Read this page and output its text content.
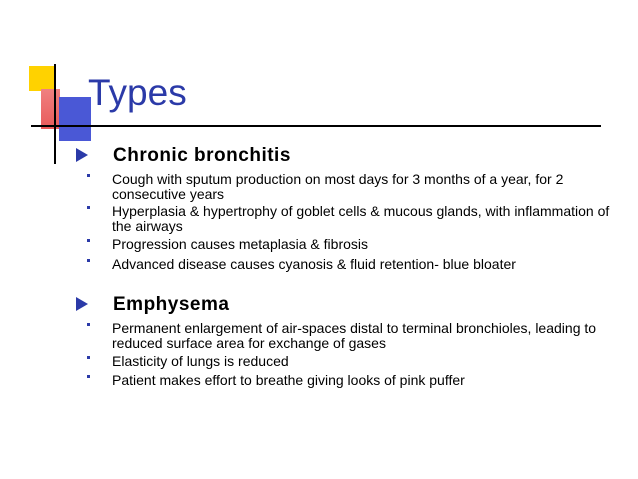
Types
Chronic bronchitis
Cough with sputum production on most days for 3 months of a year, for 2 consecutive years
Hyperplasia & hypertrophy of goblet cells & mucous glands, with inflammation of the airways
Progression causes metaplasia & fibrosis
Advanced disease causes cyanosis & fluid retention- blue bloater
Emphysema
Permanent enlargement of air-spaces distal to terminal bronchioles, leading to reduced surface area for exchange of gases
Elasticity of lungs is reduced
Patient makes effort to breathe giving looks of pink puffer
